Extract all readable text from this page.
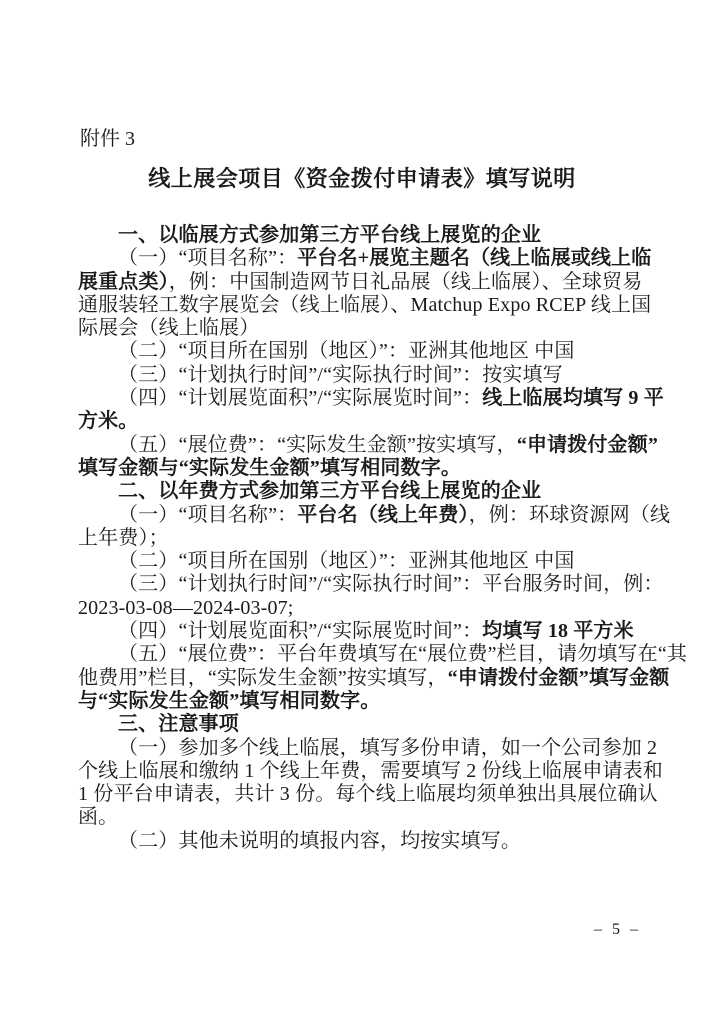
附件 3
线上展会项目《资金拨付申请表》填写说明
一、以临展方式参加第三方平台线上展览的企业
（一）“项目名称”：平台名+展览主题名（线上临展或线上临
展重点类），例：中国制造网节日礼品展（线上临展）、全球贸易
通服装轻工数字展览会（线上临展）、Matchup Expo RCEP 线上国
际展会（线上临展）
（二）“项目所在国别（地区）”：亚洲其他地区 中国
（三）“计划执行时间”/“实际执行时间”：按实填写
（四）“计划展览面积”/“实际展览时间”：线上临展均填写 9 平
方米。
（五）“展位费”：“实际发生金额”按实填写，“申请拨付金额”
填写金额与“实际发生金额”填写相同数字。
二、以年费方式参加第三方平台线上展览的企业
（一）“项目名称”：平台名（线上年费），例：环球资源网（线
上年费）；
（二）“项目所在国别（地区）”：亚洲其他地区 中国
（三）“计划执行时间”/“实际执行时间”：平台服务时间，例：
2023-03-08—2024-03-07;
（四）“计划展览面积”/“实际展览时间”：均填写 18 平方米
（五）“展位费”：平台年费填写在“展位费”栏目，请勿填写在“其
他费用”栏目，“实际发生金额”按实填写，“申请拨付金额”填写金额
与“实际发生金额”填写相同数字。
三、注意事项
（一）参加多个线上临展，填写多份申请，如一个公司参加 2
个线上临展和缴纳 1 个线上年费，需要填写 2 份线上临展申请表和
1 份平台申请表，共计 3 份。每个线上临展均须单独出具展位确认
函。
（二）其他未说明的填报内容，均按实填写。
– 5 –
